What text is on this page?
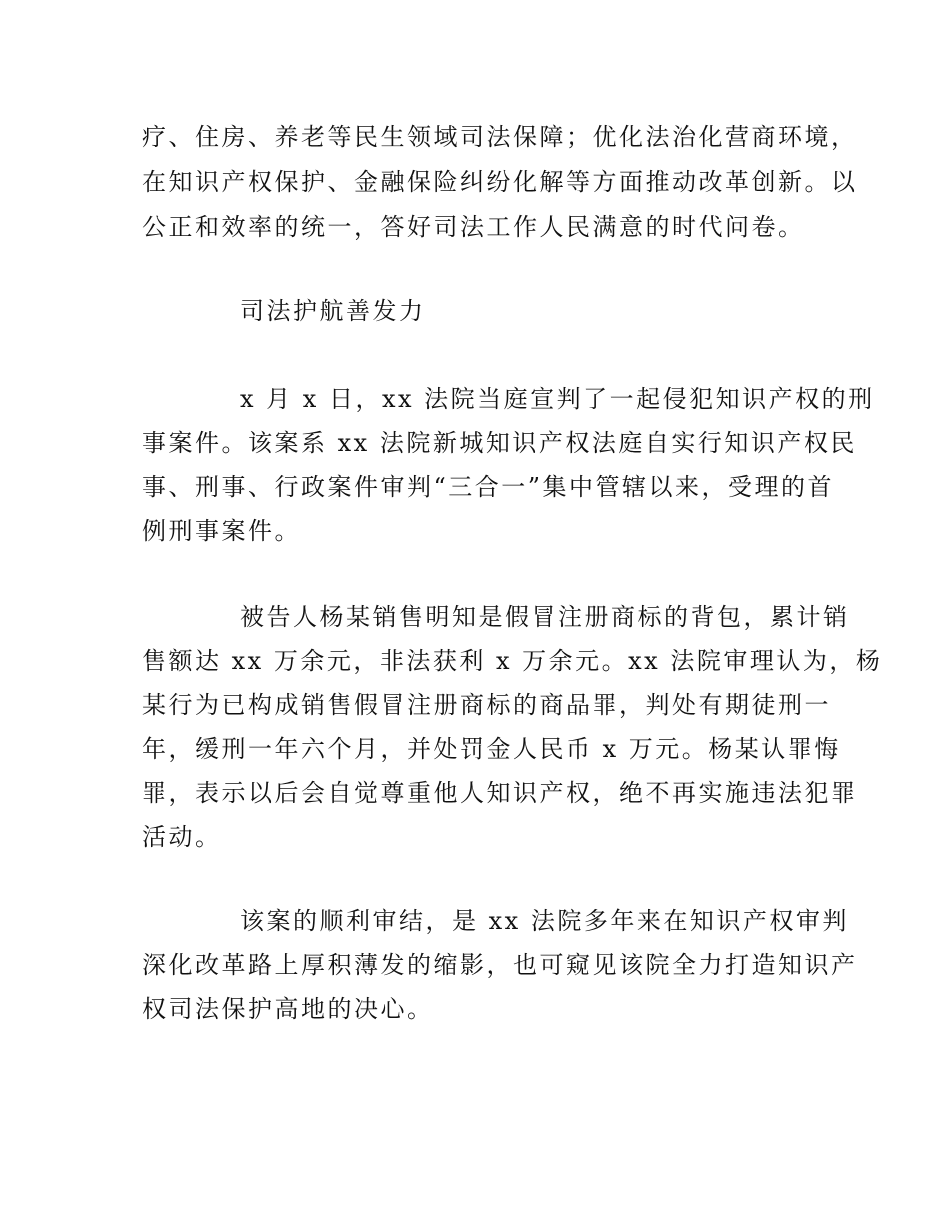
疗、住房、养老等民生领域司法保障；优化法治化营商环境，
在知识产权保护、金融保险纠纷化解等方面推动改革创新。以
公正和效率的统一，答好司法工作人民满意的时代问卷。
司法护航善发力
x 月 x 日，xx 法院当庭宣判了一起侵犯知识产权的刑
事案件。该案系 xx 法院新城知识产权法庭自实行知识产权民
事、刑事、行政案件审判“三合一”集中管辖以来，受理的首
例刑事案件。
被告人杨某销售明知是假冒注册商标的背包，累计销
售额达 xx 万余元，非法获利 x 万余元。xx 法院审理认为，杨
某行为已构成销售假冒注册商标的商品罪，判处有期徒刑一
年，缓刑一年六个月，并处罚金人民币 x 万元。杨某认罪悔
罪，表示以后会自觉尊重他人知识产权，绝不再实施违法犯罪
活动。
该案的顺利审结，是 xx 法院多年来在知识产权审判
深化改革路上厚积薄发的缩影，也可窥见该院全力打造知识产
权司法保护高地的决心。
